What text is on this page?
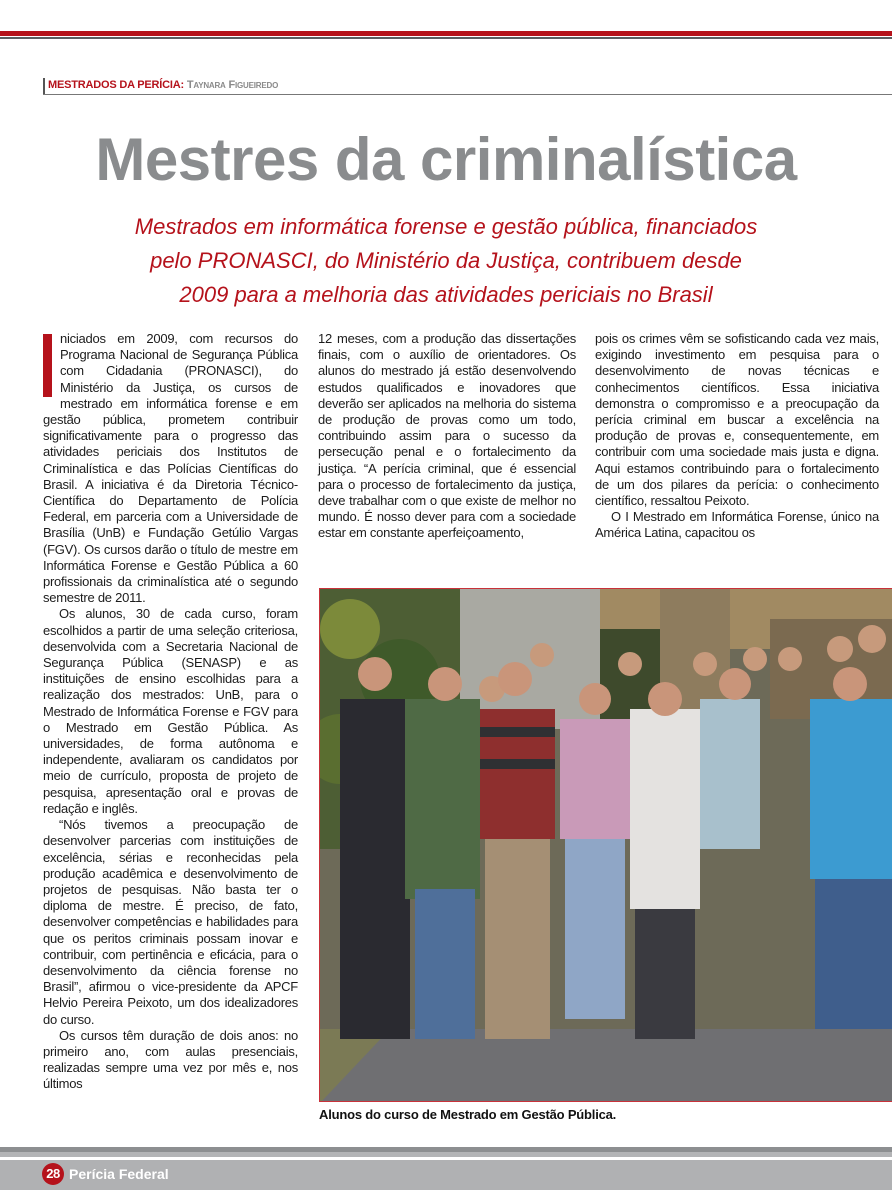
MESTRADOS DA PERÍCIA: Taynara Figueiredo
Mestres da criminalística
Mestrados em informática forense e gestão pública, financiados
pelo PRONASCI, do Ministério da Justiça, contribuem desde
2009 para a melhoria das atividades periciais no Brasil

niciados em 2009, com recursos do Programa Nacional de Segurança Pública com Cidadania (PRONASCI), do Ministério da Justiça, os cursos de mestrado em informática forense e em gestão pública, prometem contribuir significativamente para o progresso das atividades periciais dos Institutos de Criminalística e das Polícias Científicas do Brasil. A iniciativa é da Diretoria Técnico- Científica do Departamento de Polícia Federal, em parceria com a Universidade de Brasília (UnB) e Fundação Getúlio Vargas (FGV). Os cursos darão o título de mestre em Informática Forense e Gestão Pública a 60 profissionais da criminalística até o segundo semestre de 2011.

Os alunos, 30 de cada curso, foram escolhidos a partir de uma seleção criteriosa, desenvolvida com a Secretaria Nacional de Segurança Pública (SENASP) e as instituições de ensino escolhidas para a realização dos mestrados: UnB, para o Mestrado de Informática Forense e FGV para o Mestrado em Gestão Pública. As universidades, de forma autônoma e independente, avaliaram os candidatos por meio de currículo, proposta de projeto de pesquisa, apresentação oral e provas de redação e inglês.

“Nós tivemos a preocupação de desenvolver parcerias com instituições de excelência, sérias e reconhecidas pela produção acadêmica e desenvolvimento de projetos de pesquisas. Não basta ter o diploma de mestre. É preciso, de fato, desenvolver competências e habilidades para que os peritos criminais possam inovar e contribuir, com pertinência e eficácia, para o desenvolvimento da ciência forense no Brasil”, afirmou o vice-presidente da APCF Helvio Pereira Peixoto, um dos idealizadores do curso.

Os cursos têm duração de dois anos: no primeiro ano, com aulas presenciais, realizadas sempre uma vez por mês e, nos últimos

12 meses, com a produção das dissertações finais, com o auxílio de orientadores. Os alunos do mestrado já estão desenvolvendo estudos qualificados e inovadores que deverão ser aplicados na melhoria do sistema de produção de provas como um todo, contribuindo assim para o sucesso da persecução penal e o fortalecimento da justiça. “A perícia criminal, que é essencial para o processo de fortalecimento da justiça, deve trabalhar com o que existe de melhor no mundo. É nosso dever para com a sociedade estar em constante aperfeiçoamento,

pois os crimes vêm se sofisticando cada vez mais, exigindo investimento em pesquisa para o desenvolvimento de novas técnicas e conhecimentos científicos. Essa iniciativa demonstra o compromisso e a preocupação da perícia criminal em buscar a excelência na produção de provas e, consequentemente, em contribuir com uma sociedade mais justa e digna. Aqui estamos contribuindo para o fortalecimento de um dos pilares da perícia: o conhecimento científico, ressaltou Peixoto.

O I Mestrado em Informática Forense, único na América Latina, capacitou os

Alunos do curso de Mestrado em Gestão Pública.
28 Perícia Federal
